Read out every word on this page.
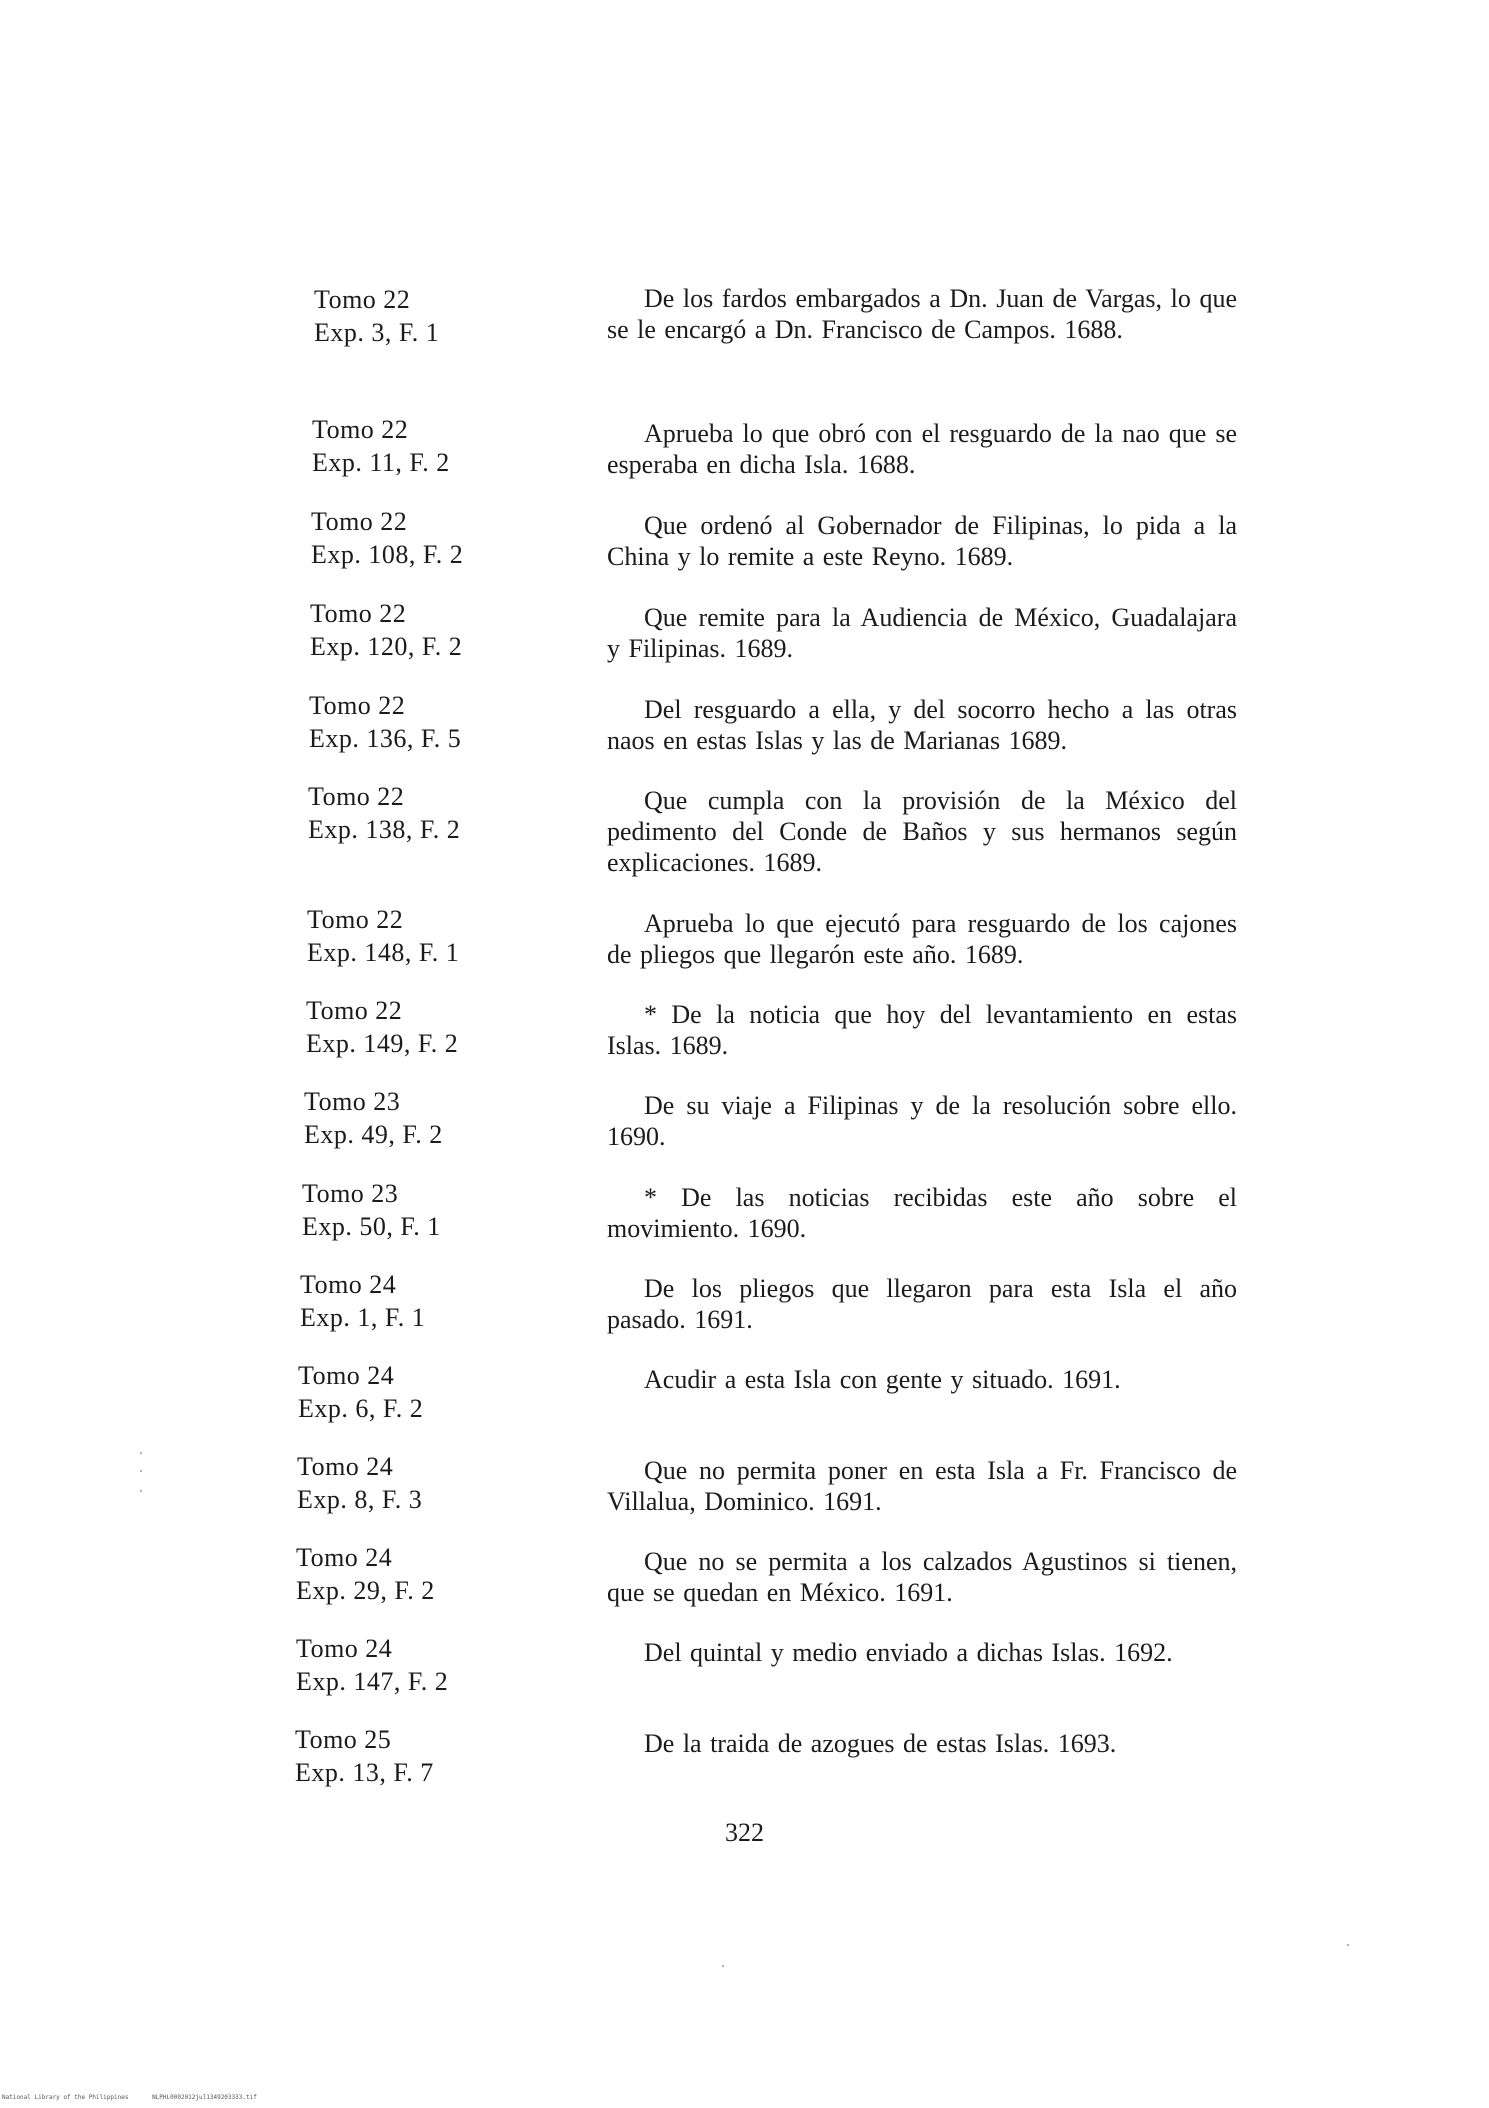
Tomo 22
Exp. 3, F. 1
De los fardos embargados a Dn. Juan de Vargas, lo que se le encargó a Dn. Francisco de Campos. 1688.
Tomo 22
Exp. 11, F. 2
Aprueba lo que obró con el resguardo de la nao que se esperaba en dicha Isla. 1688.
Tomo 22
Exp. 108, F. 2
Que ordenó al Gobernador de Filipinas, lo pida a la China y lo remite a este Reyno. 1689.
Tomo 22
Exp. 120, F. 2
Que remite para la Audiencia de México, Guadalajara y Filipinas. 1689.
Tomo 22
Exp. 136, F. 5
Del resguardo a ella, y del socorro hecho a las otras naos en estas Islas y las de Marianas 1689.
Tomo 22
Exp. 138, F. 2
Que cumpla con la provisión de la México del pedimento del Conde de Baños y sus hermanos según explicaciones. 1689.
Tomo 22
Exp. 148, F. 1
Aprueba lo que ejecutó para resguardo de los cajones de pliegos que llegarón este año. 1689.
Tomo 22
Exp. 149, F. 2
* De la noticia que hoy del levantamiento en estas Islas. 1689.
Tomo 23
Exp. 49, F. 2
De su viaje a Filipinas y de la resolución sobre ello. 1690.
Tomo 23
Exp. 50, F. 1
* De las noticias recibidas este año sobre el movimiento. 1690.
Tomo 24
Exp. 1, F. 1
De los pliegos que llegaron para esta Isla el año pasado. 1691.
Tomo 24
Exp. 6, F. 2
Acudir a esta Isla con gente y situado. 1691.
Tomo 24
Exp. 8, F. 3
Que no permita poner en esta Isla a Fr. Francisco de Villalua, Dominico. 1691.
Tomo 24
Exp. 29, F. 2
Que no se permita a los calzados Agustinos si tienen, que se quedan en México. 1691.
Tomo 24
Exp. 147, F. 2
Del quintal y medio enviado a dichas Islas. 1692.
Tomo 25
Exp. 13, F. 7
De la traida de azogues de estas Islas. 1693.
322
National Library of the Philippines	NLPHL0002012jul1349203333.tif
